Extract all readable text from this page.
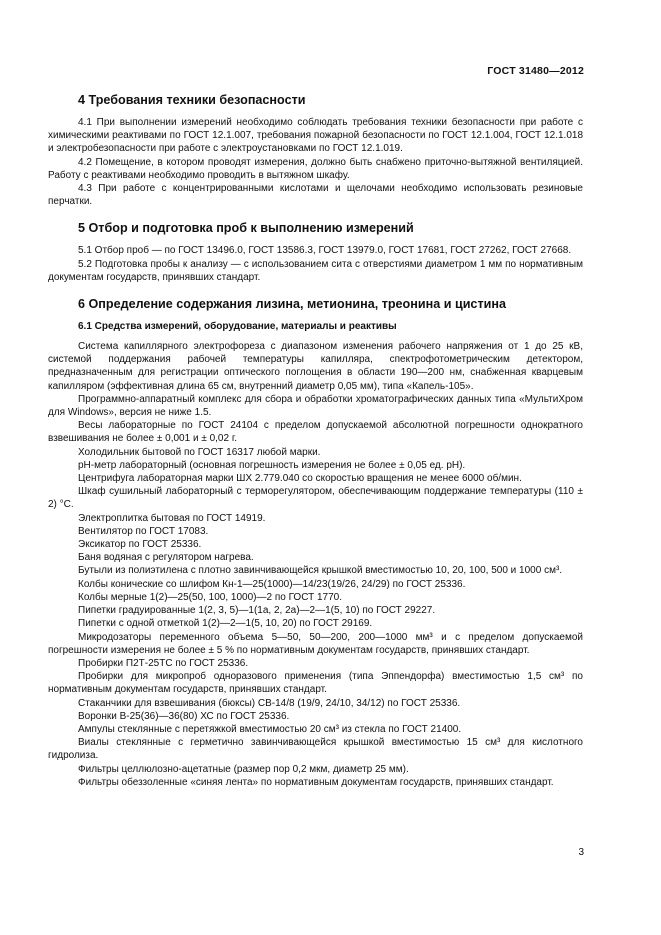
ГОСТ 31480—2012
4 Требования техники безопасности

4.1 При выполнении измерений необходимо соблюдать требования техники безопасности при работе с химическими реактивами по ГОСТ 12.1.007, требования пожарной безопасности по ГОСТ 12.1.004, ГОСТ 12.1.018 и электробезопасности при работе с электроустановками по ГОСТ 12.1.019.

4.2 Помещение, в котором проводят измерения, должно быть снабжено приточно-вытяжной вентиляцией. Работу с реактивами необходимо проводить в вытяжном шкафу.

4.3 При работе с концентрированными кислотами и щелочами необходимо использовать резиновые перчатки.

5 Отбор и подготовка проб к выполнению измерений

5.1 Отбор проб — по ГОСТ 13496.0, ГОСТ 13586.3, ГОСТ 13979.0, ГОСТ 17681, ГОСТ 27262, ГОСТ 27668.

5.2 Подготовка пробы к анализу — с использованием сита с отверстиями диаметром 1 мм по нормативным документам государств, принявших стандарт.

6 Определение содержания лизина, метионина, треонина и цистина
6.1 Средства измерений, оборудование, материалы и реактивы

Система капиллярного электрофореза с диапазоном изменения рабочего напряжения от 1 до 25 кВ, системой поддержания рабочей температуры капилляра, спектрофотометрическим детектором, предназначенным для регистрации оптического поглощения в области 190—200 нм, снабженная кварцевым капилляром (эффективная длина 65 см, внутренний диаметр 0,05 мм), типа «Капель-105».

Программно-аппаратный комплекс для сбора и обработки хроматографических данных типа «МультиХром для Windows», версия не ниже 1.5.

Весы лабораторные по ГОСТ 24104 с пределом допускаемой абсолютной погрешности однократного взвешивания не более ± 0,001 и ± 0,02 г.

Холодильник бытовой по ГОСТ 16317 любой марки.

pH-метр лабораторный (основная погрешность измерения не более ± 0,05 ед. pH).

Центрифуга лабораторная марки ШХ 2.779.040 со скоростью вращения не менее 6000 об/мин.

Шкаф сушильный лабораторный с терморегулятором, обеспечивающим поддержание температуры (110 ± 2) °C.

Электроплитка бытовая по ГОСТ 14919.

Вентилятор по ГОСТ 17083.

Эксикатор по ГОСТ 25336.

Баня водяная с регулятором нагрева.

Бутыли из полиэтилена с плотно завинчивающейся крышкой вместимостью 10, 20, 100, 500 и 1000 см³.

Колбы конические со шлифом Кн-1—25(1000)—14/23(19/26, 24/29) по ГОСТ 25336.

Колбы мерные 1(2)—25(50, 100, 1000)—2 по ГОСТ 1770.

Пипетки градуированные 1(2, 3, 5)—1(1а, 2, 2а)—2—1(5, 10) по ГОСТ 29227.

Пипетки с одной отметкой 1(2)—2—1(5, 10, 20) по ГОСТ 29169.

Микродозаторы переменного объема 5—50, 50—200, 200—1000 мм³ и с пределом допускаемой погрешности измерения не более ± 5 % по нормативным документам государств, принявших стандарт.

Пробирки П2Т-25ТС по ГОСТ 25336.

Пробирки для микропроб одноразового применения (типа Эппендорфа) вместимостью 1,5 см³ по нормативным документам государств, принявших стандарт.

Стаканчики для взвешивания (бюксы) СВ-14/8 (19/9, 24/10, 34/12) по ГОСТ 25336.

Воронки В-25(36)—36(80) ХС по ГОСТ 25336.

Ампулы стеклянные с перетяжкой вместимостью 20 см³ из стекла по ГОСТ 21400.

Виалы стеклянные с герметично завинчивающейся крышкой вместимостью 15 см³ для кислотного гидролиза.

Фильтры целлюлозно-ацетатные (размер пор 0,2 мкм, диаметр 25 мм).

Фильтры обеззоленные «синяя лента» по нормативным документам государств, принявших стандарт.

3
